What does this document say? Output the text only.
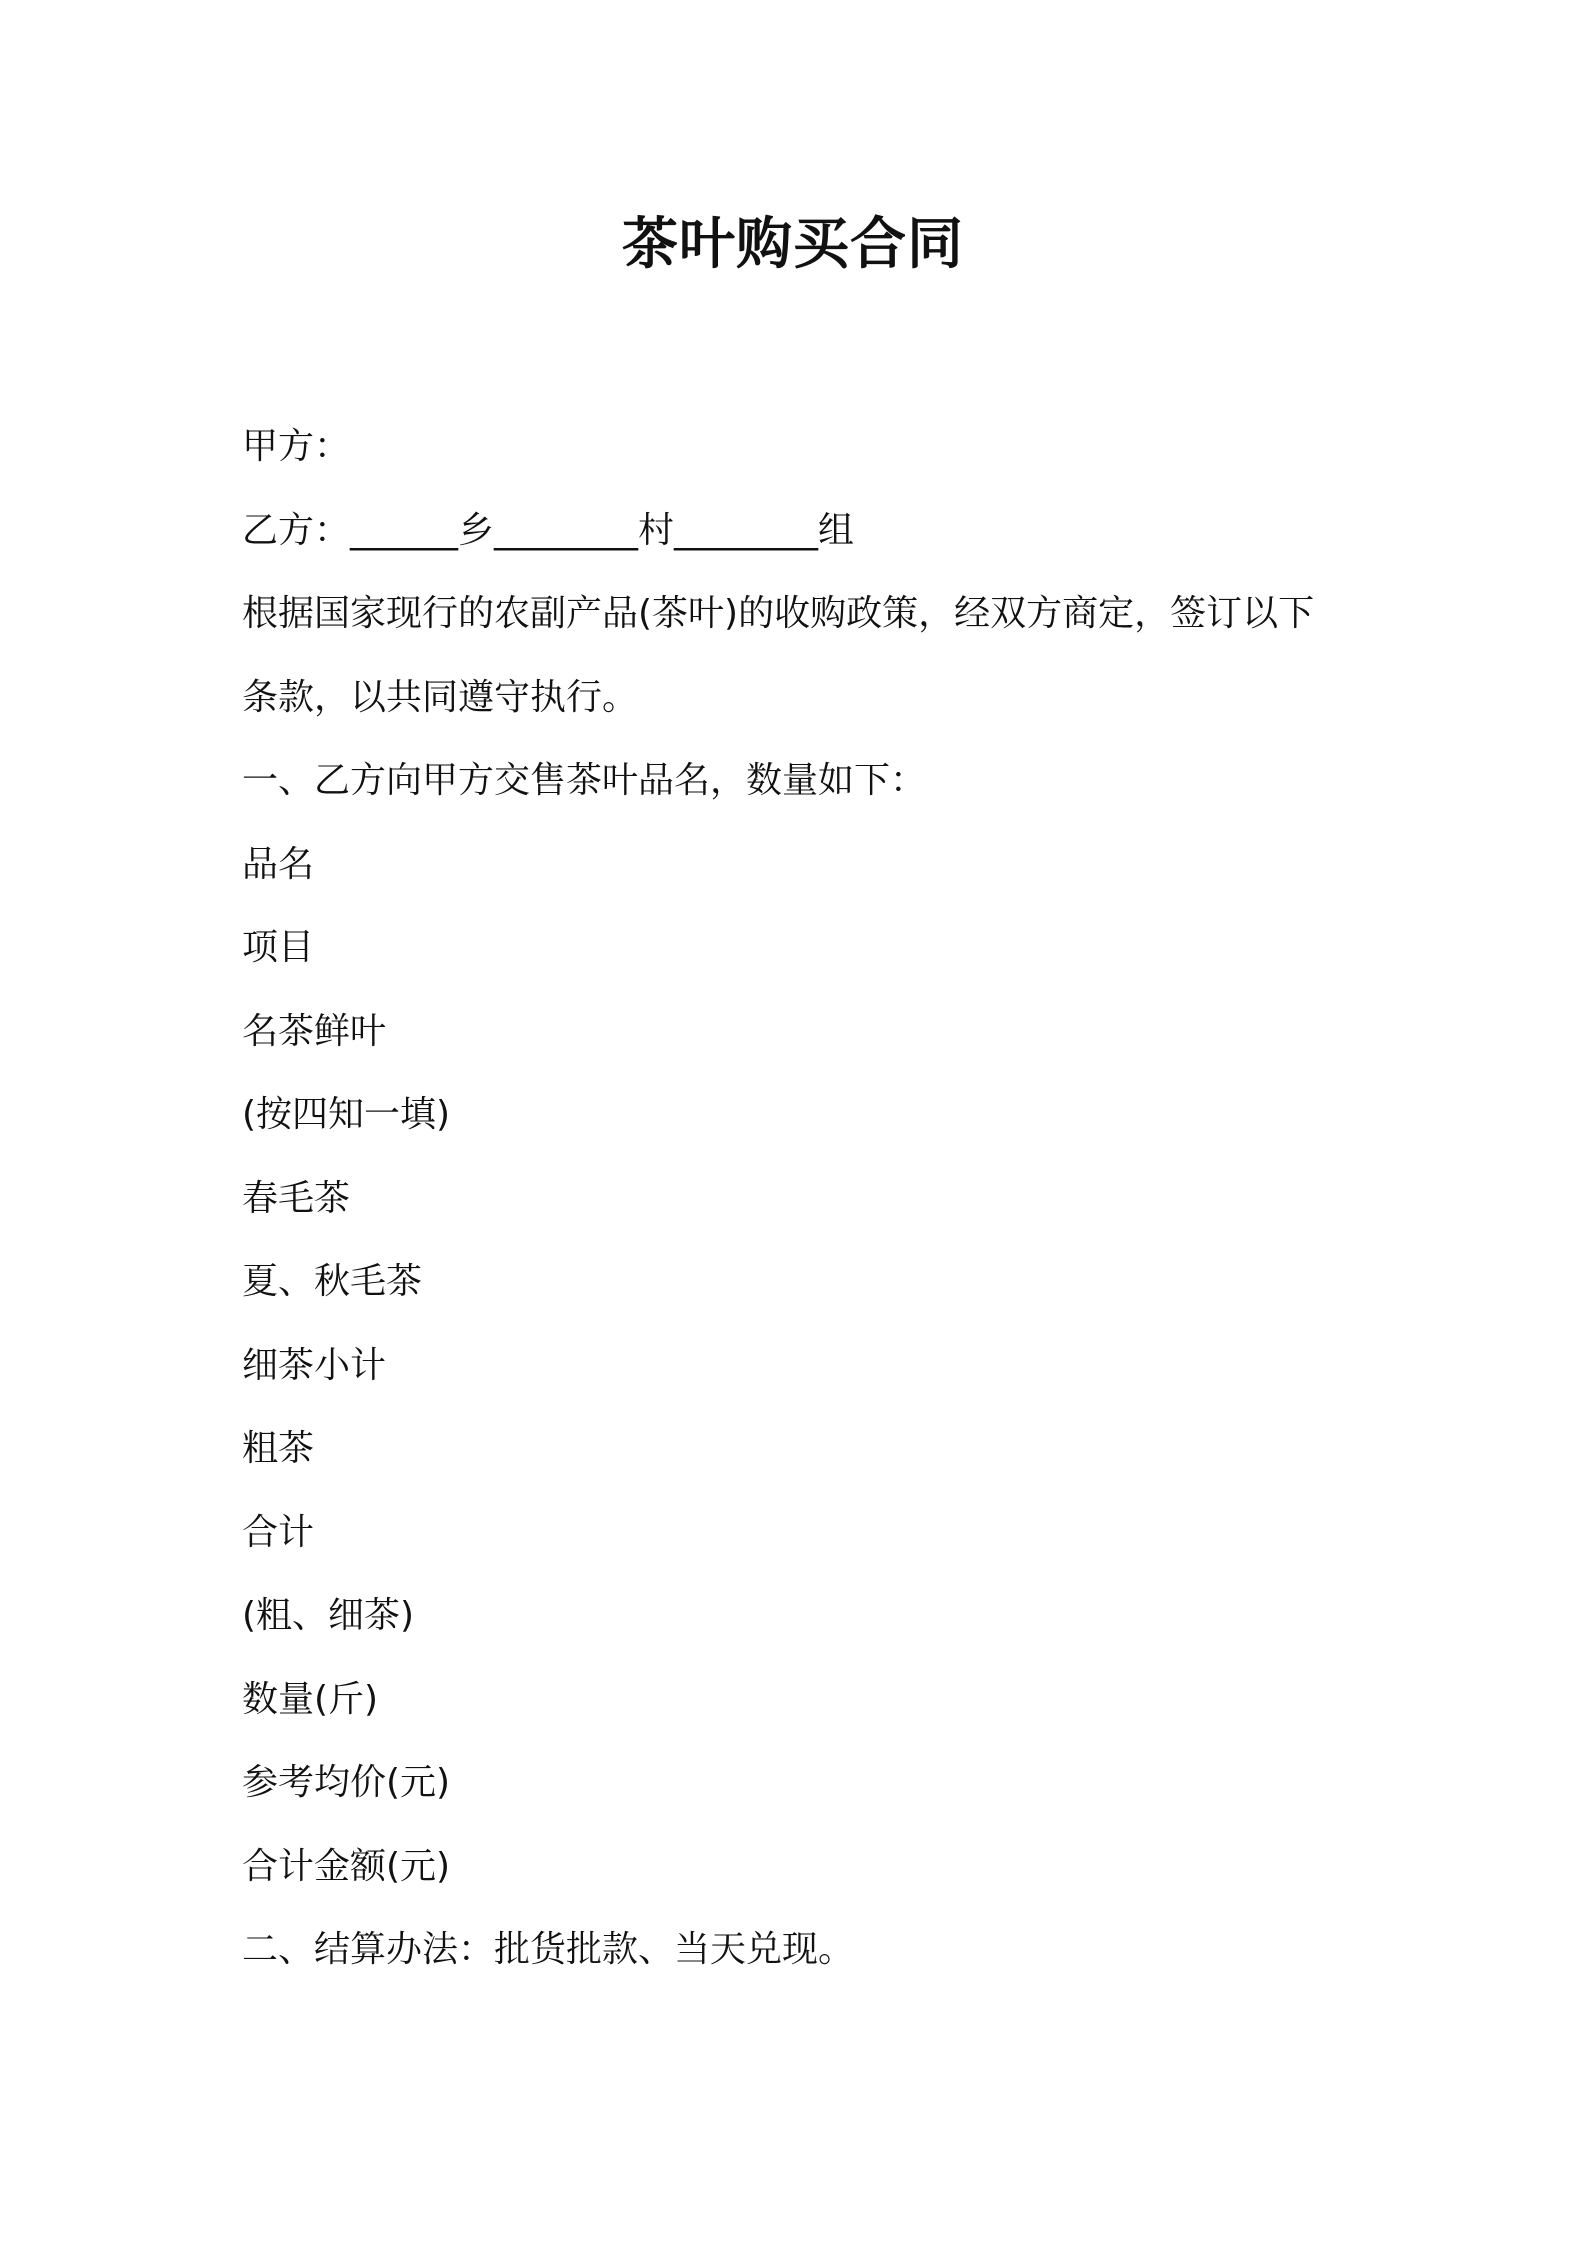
茶叶购买合同

甲方：

乙方：______乡________村________组

根据国家现行的农副产品(茶叶)的收购政策，经双方商定，签订以下

条款，以共同遵守执行。

一、乙方向甲方交售茶叶品名，数量如下：

品名

项目

名茶鲜叶

(按四知一填)

春毛茶

夏、秋毛茶

细茶小计

粗茶

合计

(粗、细茶)

数量(斤)

参考均价(元)

合计金额(元)

二、结算办法：批货批款、当天兑现。
